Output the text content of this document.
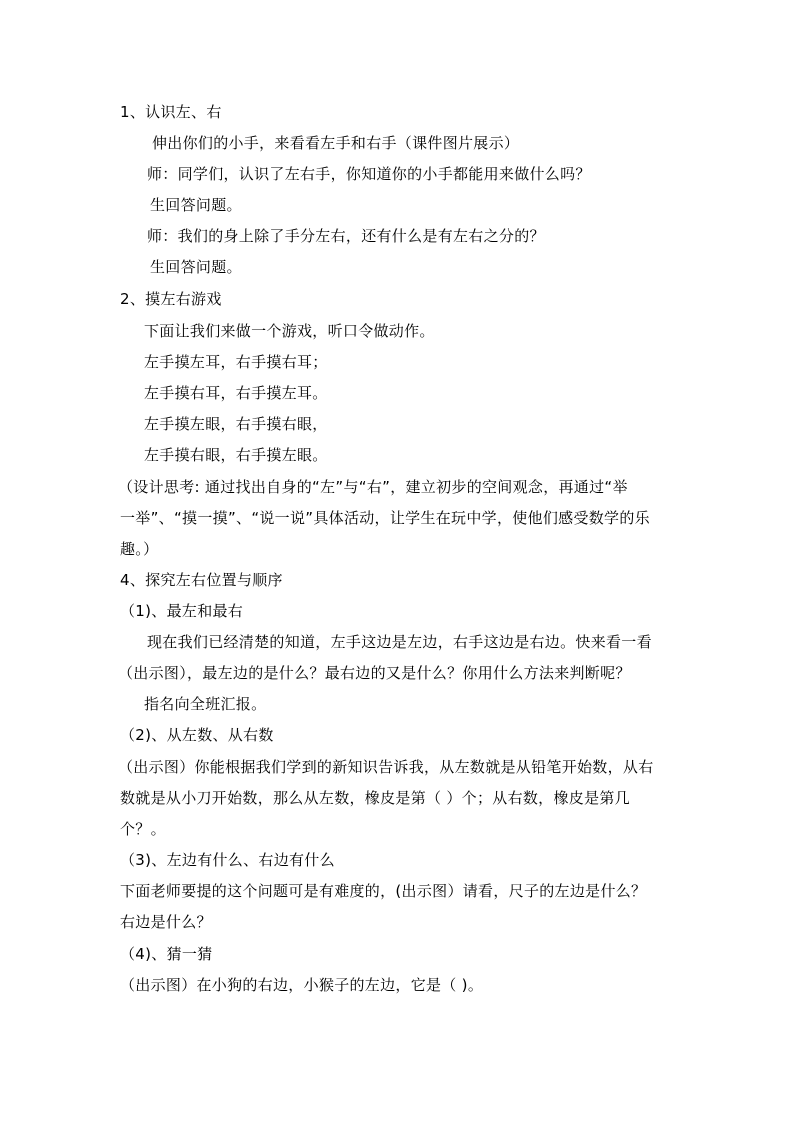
1、认识左、右
伸出你们的小手，来看看左手和右手（课件图片展示）
师：同学们，认识了左右手，你知道你的小手都能用来做什么吗？
生回答问题。
师：我们的身上除了手分左右，还有什么是有左右之分的？
生回答问题。
2、摸左右游戏
下面让我们来做一个游戏，听口令做动作。
左手摸左耳，右手摸右耳；
左手摸右耳，右手摸左耳。
左手摸左眼，右手摸右眼，
左手摸右眼，右手摸左眼。
（设计思考: 通过找出自身的“左”与“右”，建立初步的空间观念，再通过“举
一举”、“摸一摸”、“说一说”具体活动，让学生在玩中学，使他们感受数学的乐
趣。）
4、探究左右位置与顺序
（1)、最左和最右
现在我们已经清楚的知道，左手这边是左边，右手这边是右边。快来看一看
（出示图），最左边的是什么？最右边的又是什么？你用什么方法来判断呢？
指名向全班汇报。
（2)、从左数、从右数
（出示图）你能根据我们学到的新知识告诉我，从左数就是从铅笔开始数，从右
数就是从小刀开始数，那么从左数，橡皮是第（ ）个；从右数，橡皮是第几
个？。
（3)、左边有什么、右边有什么
下面老师要提的这个问题可是有难度的，(出示图）请看，尺子的左边是什么？
右边是什么？
（4)、猜一猜
（出示图）在小狗的右边，小猴子的左边，它是（ )。
